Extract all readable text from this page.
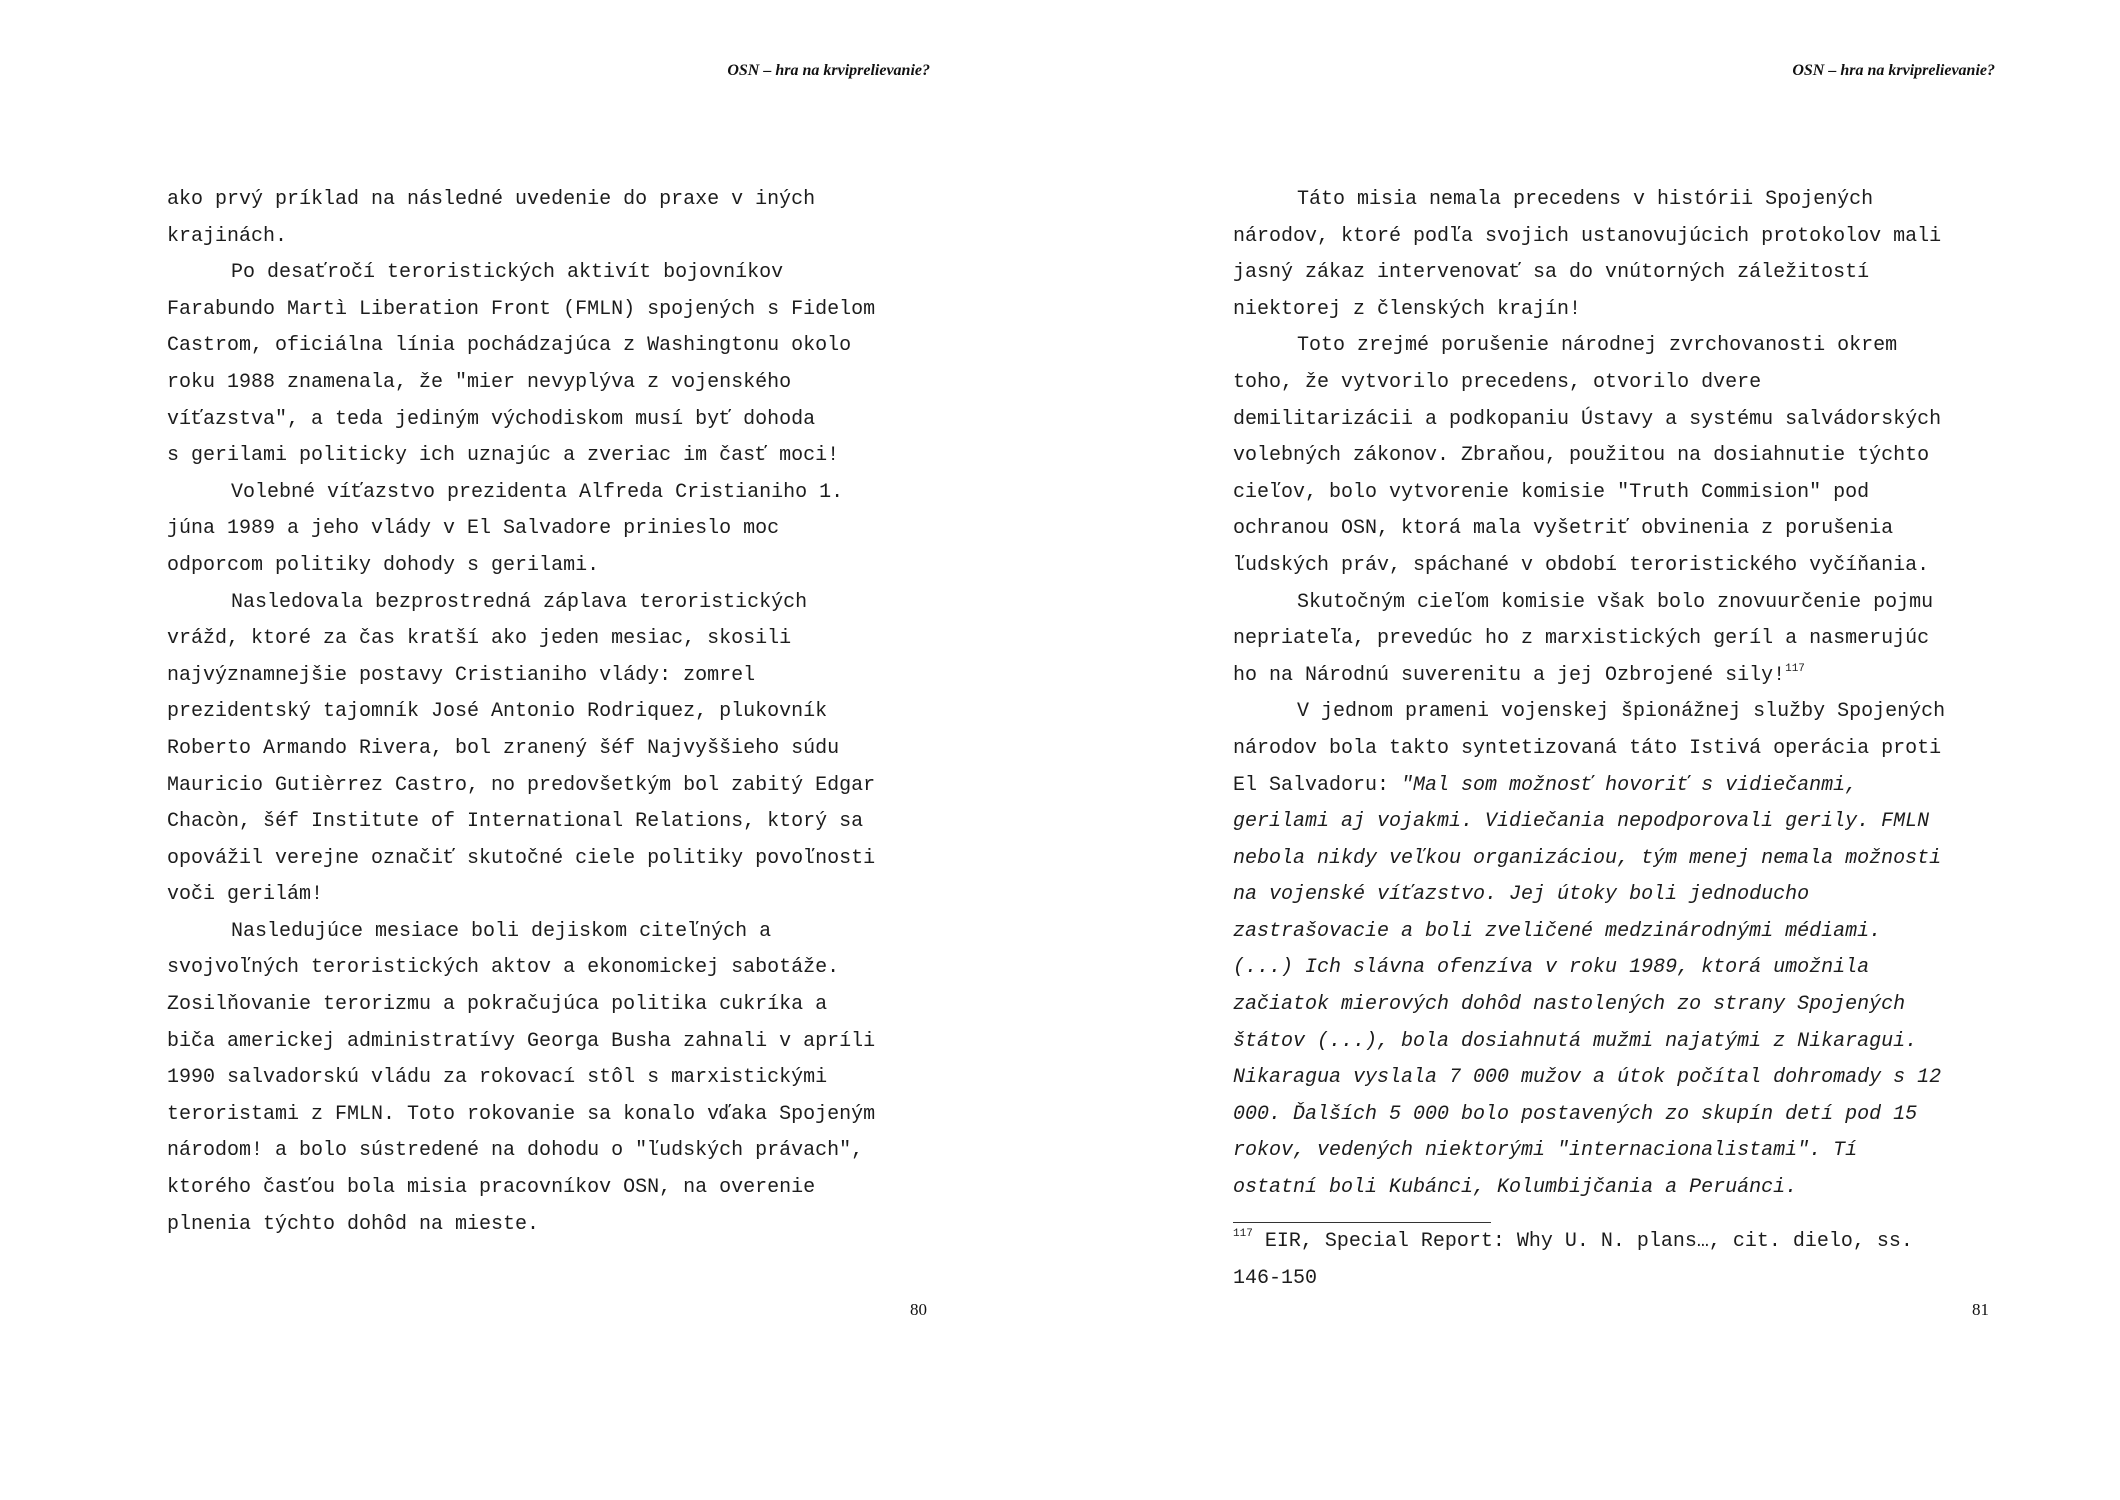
OSN – hra na krviprelievanie?
ako prvý príklad na následné uvedenie do praxe v iných
krajinách.
Po desaťročí teroristických aktivít bojovníkov
Farabundo Martì Liberation Front (FMLN) spojených s Fidelom
Castrom, oficiálna línia pochádzajúca z Washingtonu okolo
roku 1988 znamenala, že "mier nevyplýva z vojenského
víťazstva", a teda jediným východiskom musí byť dohoda
s gerilami politicky ich uznajúc a zveriac im časť moci!
Volebné víťazstvo prezidenta Alfreda Cristianiho 1.
júna 1989 a jeho vlády v El Salvadore prinieslo moc
odporcom politiky dohody s gerilami.
Nasledovala bezprostredná záplava teroristických
vrážd, ktoré za čas kratší ako jeden mesiac, skosili
najvýznamnejšie postavy Cristianiho vlády: zomrel
prezidentský tajomník José Antonio Rodriquez, plukovník
Roberto Armando Rivera, bol zranený šéf Najvyššieho súdu
Mauricio Gutièrrez Castro, no predovšetkým bol zabitý Edgar
Chacòn, šéf Institute of International Relations, ktorý sa
opovážil verejne označiť skutočné ciele politiky povoľnosti
voči gerilám!
Nasledujúce mesiace boli dejiskom citeľných a
svojvoľných teroristických aktov a ekonomickej sabotáže.
Zosilňovanie terorizmu a pokračujúca politika cukríka a
biča americkej administratívy Georga Busha zahnali v apríli
1990 salvadorskú vládu za rokovací stôl s marxistickými
teroristami z FMLN. Toto rokovanie sa konalo vďaka Spojeným
národom! a bolo sústredené na dohodu o "ľudských právach",
ktorého časťou bola misia pracovníkov OSN, na overenie
plnenia týchto dohôd na mieste.
80
OSN – hra na krviprelievanie?
Táto misia nemala precedens v histórii Spojených
národov, ktoré podľa svojich ustanovujúcich protokolov mali
jasný zákaz intervenovať sa do vnútorných záležitostí
niektorej z členských krajín!
Toto zrejmé porušenie národnej zvrchovanosti okrem
toho, že vytvorilo precedens, otvorilo dvere
demilitarizácii a podkopaniu Ústavy a systému salvádorských
volebných zákonov. Zbraňou, použitou na dosiahnutie týchto
cieľov, bolo vytvorenie komisie "Truth Commision" pod
ochranou OSN, ktorá mala vyšetriť obvinenia z porušenia
ľudských práv, spáchané v období teroristického vyčíňania.
Skutočným cieľom komisie však bolo znovuurčenie pojmu
nepriateľa, prevedúc ho z marxistických geríl a nasmerujúc
ho na Národnú suverenitu a jej Ozbrojené sily!$^{117}$
V jednom prameni vojenskej špionážnej služby Spojených
národov bola takto syntetizovaná táto Istivá operácia proti
El Salvadoru: "Mal som možnosť hovoriť s vidiečanmi,
gerilami aj vojakmi. Vidiečania nepodporovali gerily. FMLN
nebola nikdy veľkou organizáciou, tým menej nemala možnosti
na vojenské víťazstvo. Jej útoky boli jednoducho
zastrašovacie a boli zveličené medzinárodnými médiami.
(...) Ich slávna ofenzíva v roku 1989, ktorá umožnila
začiatok mierových dohôd nastolených zo strany Spojených
štátov (...), bola dosiahnutá mužmi najatými z Nikaragui.
Nikaragua vyslala 7 000 mužov a útok počítal dohromady s 12
000. Ďalších 5 000 bolo postavených zo skupín detí pod 15
rokov, vedených niektorými "internacionalistami". Tí
ostatní boli Kubánci, Kolumbijčania a Peruánci.
$^{117}$ EIR, Special Report: Why U. N. plans…, cit. dielo, ss.
146-150
81
